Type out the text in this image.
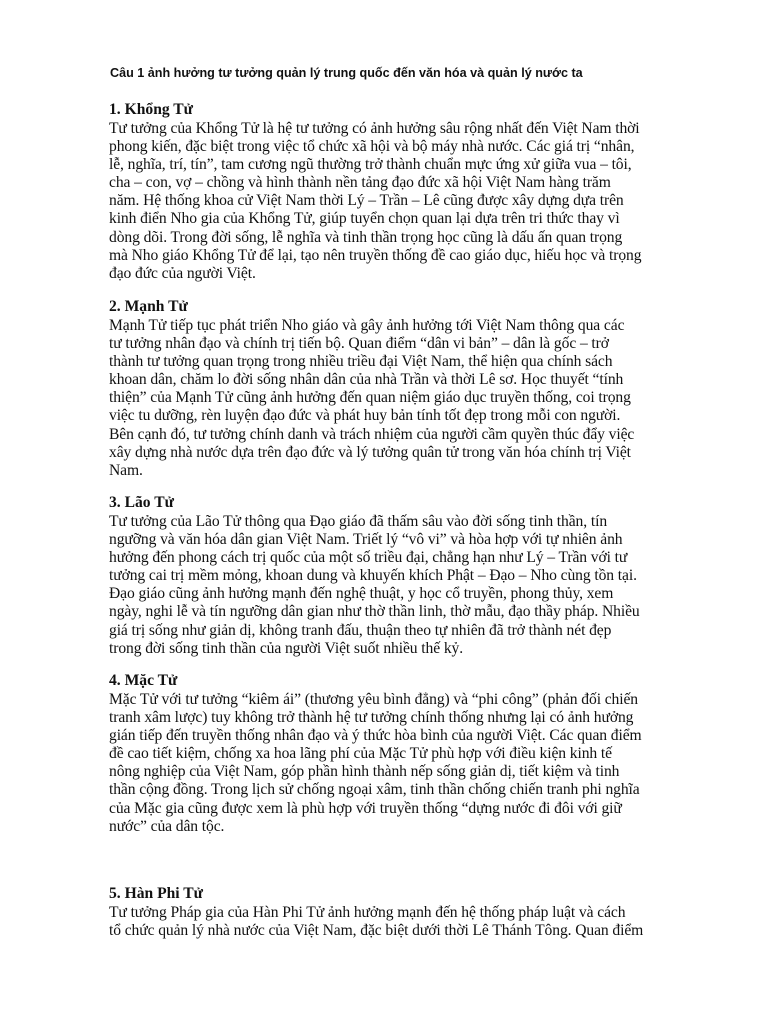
Câu 1 ảnh hưởng tư tưởng quản lý trung quốc đến văn hóa và quản lý nước ta
1. Khổng Tử
Tư tưởng của Khổng Tử là hệ tư tưởng có ảnh hưởng sâu rộng nhất đến Việt Nam thời
phong kiến, đặc biệt trong việc tổ chức xã hội và bộ máy nhà nước. Các giá trị “nhân,
lễ, nghĩa, trí, tín”, tam cương ngũ thường trở thành chuẩn mực ứng xử giữa vua – tôi,
cha – con, vợ – chồng và hình thành nền tảng đạo đức xã hội Việt Nam hàng trăm
năm. Hệ thống khoa cử Việt Nam thời Lý – Trần – Lê cũng được xây dựng dựa trên
kinh điển Nho gia của Khổng Tử, giúp tuyển chọn quan lại dựa trên tri thức thay vì
dòng dõi. Trong đời sống, lễ nghĩa và tinh thần trọng học cũng là dấu ấn quan trọng
mà Nho giáo Khổng Tử để lại, tạo nên truyền thống đề cao giáo dục, hiếu học và trọng
đạo đức của người Việt.
2. Mạnh Tử
Mạnh Tử tiếp tục phát triển Nho giáo và gây ảnh hưởng tới Việt Nam thông qua các
tư tưởng nhân đạo và chính trị tiến bộ. Quan điểm “dân vi bản” – dân là gốc – trở
thành tư tưởng quan trọng trong nhiều triều đại Việt Nam, thể hiện qua chính sách
khoan dân, chăm lo đời sống nhân dân của nhà Trần và thời Lê sơ. Học thuyết “tính
thiện” của Mạnh Tử cũng ảnh hưởng đến quan niệm giáo dục truyền thống, coi trọng
việc tu dưỡng, rèn luyện đạo đức và phát huy bản tính tốt đẹp trong mỗi con người.
Bên cạnh đó, tư tưởng chính danh và trách nhiệm của người cầm quyền thúc đẩy việc
xây dựng nhà nước dựa trên đạo đức và lý tưởng quân tử trong văn hóa chính trị Việt
Nam.
3. Lão Tử
Tư tưởng của Lão Tử thông qua Đạo giáo đã thấm sâu vào đời sống tinh thần, tín
ngưỡng và văn hóa dân gian Việt Nam. Triết lý “vô vi” và hòa hợp với tự nhiên ảnh
hưởng đến phong cách trị quốc của một số triều đại, chẳng hạn như Lý – Trần với tư
tưởng cai trị mềm mỏng, khoan dung và khuyến khích Phật – Đạo – Nho cùng tồn tại.
Đạo giáo cũng ảnh hưởng mạnh đến nghệ thuật, y học cổ truyền, phong thủy, xem
ngày, nghi lễ và tín ngưỡng dân gian như thờ thần linh, thờ mẫu, đạo thầy pháp. Nhiều
giá trị sống như giản dị, không tranh đấu, thuận theo tự nhiên đã trở thành nét đẹp
trong đời sống tinh thần của người Việt suốt nhiều thế kỷ.
4. Mặc Tử
Mặc Tử với tư tưởng “kiêm ái” (thương yêu bình đẳng) và “phi công” (phản đối chiến
tranh xâm lược) tuy không trở thành hệ tư tưởng chính thống nhưng lại có ảnh hưởng
gián tiếp đến truyền thống nhân đạo và ý thức hòa bình của người Việt. Các quan điểm
đề cao tiết kiệm, chống xa hoa lãng phí của Mặc Tử phù hợp với điều kiện kinh tế
nông nghiệp của Việt Nam, góp phần hình thành nếp sống giản dị, tiết kiệm và tinh
thần cộng đồng. Trong lịch sử chống ngoại xâm, tinh thần chống chiến tranh phi nghĩa
của Mặc gia cũng được xem là phù hợp với truyền thống “dựng nước đi đôi với giữ
nước” của dân tộc.
5. Hàn Phi Tử
Tư tưởng Pháp gia của Hàn Phi Tử ảnh hưởng mạnh đến hệ thống pháp luật và cách
tổ chức quản lý nhà nước của Việt Nam, đặc biệt dưới thời Lê Thánh Tông. Quan điểm
